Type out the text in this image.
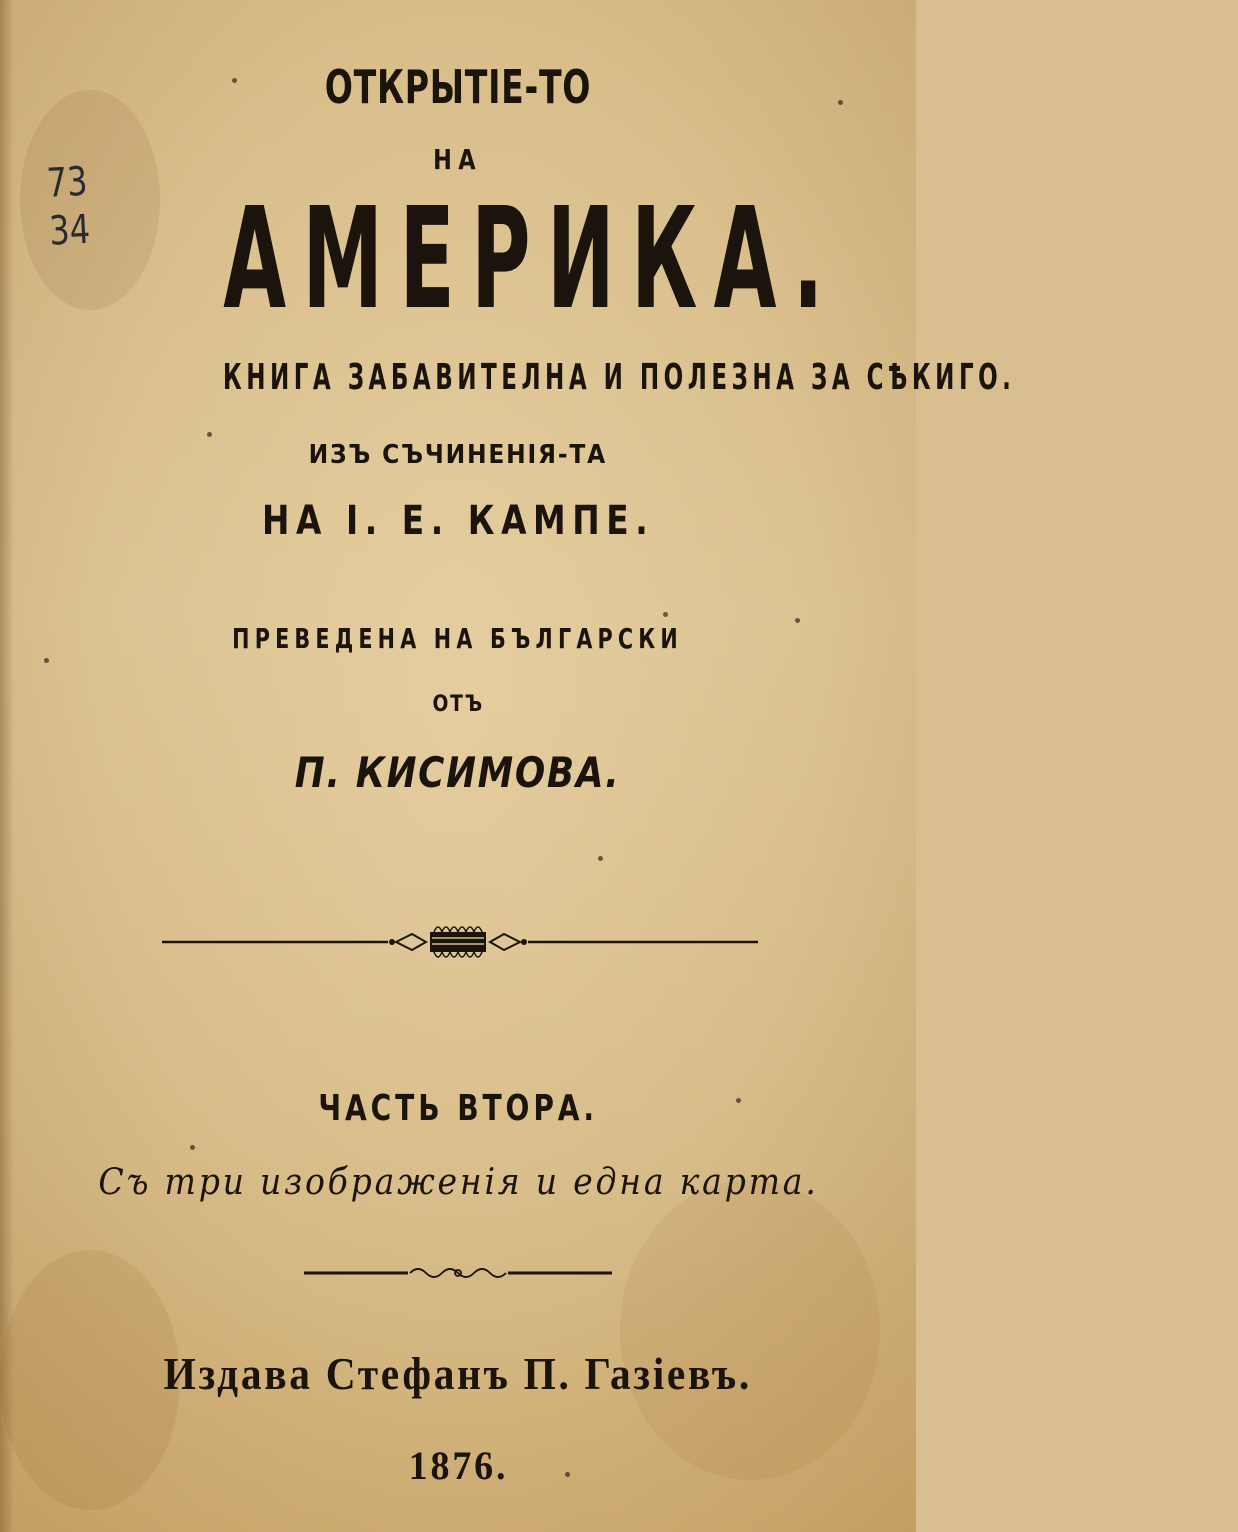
73
34
ОТКРЫТІЕ-ТО
НА
АМЕРИКА.
КНИГА ЗАБАВИТЕЛНА И ПОЛЕЗНА ЗА СѢКИГО.
ИЗЪ СЪЧИНЕНІЯ-ТА
НА І. Е. КАМПЕ.
ПРЕВЕДЕНА НА БЪЛГАРСКИ
ОТЪ
П. КИСИМОВА.
ЧАСТЬ ВТОРА.
Съ три изображенія и една карта.
Издава Стефанъ П. Газіевъ.
1876.
